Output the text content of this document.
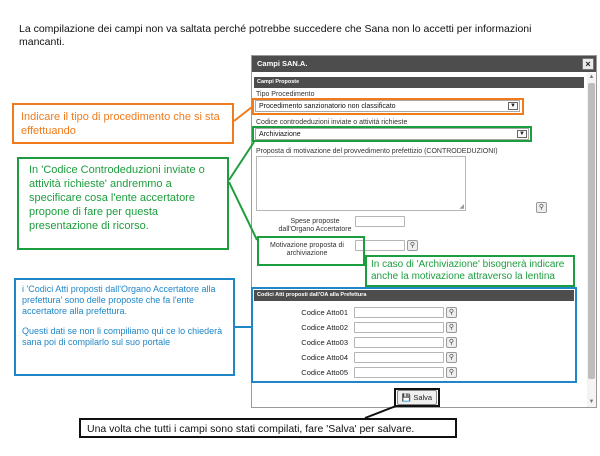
La compilazione dei campi non va saltata perché potrebbe succedere che Sana non lo accetti per informazioni mancanti.
Campi SAN.A.	×
▲
▼
Campi Proposte
Tipo Procedimento
Procedimento sanzionatorio non classificato	▼
Codice controdeduzioni inviate o attività richieste
Archiviazione	▼
Proposta di motivazione del provvedimento prefettizio (CONTRODEDUZIONI)
◢	⚲
Spese proposte dall'Organo Accertatore
Motivazione proposta di archiviazione
⚲
Codici Atti proposti dall'OA alla Prefettura
Codice Atto01	⚲
Codice Atto02	⚲
Codice Atto03	⚲
Codice Atto04	⚲
Codice Atto05	⚲
💾 Salva
Indicare il tipo di procedimento che si sta effettuando
In 'Codice Controdeduzioni inviate o attività richieste' andremmo a specificare cosa l'ente accertatore propone di fare per questa presentazione di ricorso.
In caso di 'Archiviazione' bisognerà indicare anche la motivazione attraverso la lentina
i 'Codici Atti proposti dall'Organo Accertatore alla prefettura' sono delle proposte che fa l'ente accertatore alla prefettura.
Questi dati se non li compiliamo qui ce lo chiederà sana poi di compilarlo sul suo portale
Una volta che tutti i campi sono stati compilati, fare 'Salva' per salvare.
